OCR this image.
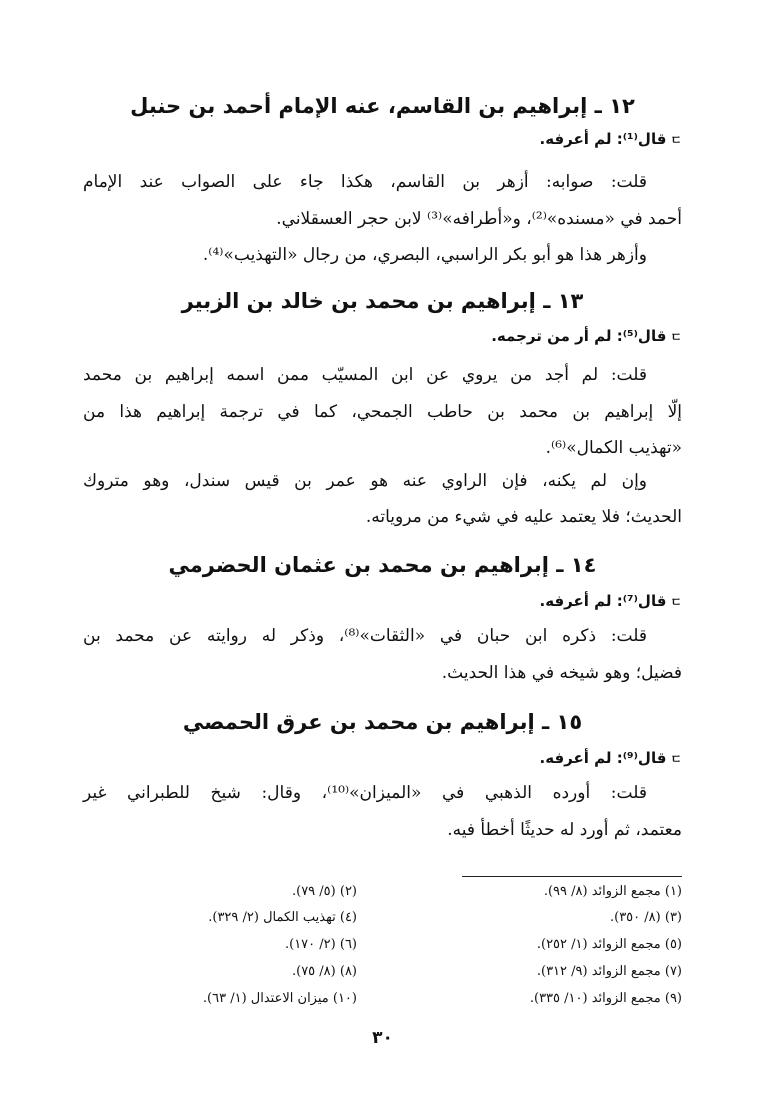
١٢ ـ إبراهيم بن القاسم، عنه الإمام أحمد بن حنبل
ㄷقال⁽¹⁾: لم أعرفه.
قلت: صوابه: أزهر بن القاسم، هكذا جاء على الصواب عند الإمام
أحمد في «مسنده»⁽²⁾، و«أطرافه»⁽³⁾ لابن حجر العسقلاني.
وأزهر هذا هو أبو بكر الراسبي، البصري، من رجال «التهذيب»⁽⁴⁾.
١٣ ـ إبراهيم بن محمد بن خالد بن الزبير
ㄷقال⁽⁵⁾: لم أر من ترجمه.
قلت: لم أجد من يروي عن ابن المسيّب ممن اسمه إبراهيم بن محمد
إلّا إبراهيم بن محمد بن حاطب الجمحي، كما في ترجمة إبراهيم هذا من
«تهذيب الكمال»⁽⁶⁾.
وإن لم يكنه، فإن الراوي عنه هو عمر بن قيس سندل، وهو متروك
الحديث؛ فلا يعتمد عليه في شيء من مروياته.
١٤ ـ إبراهيم بن محمد بن عثمان الحضرمي
ㄷقال⁽⁷⁾: لم أعرفه.
قلت: ذكره ابن حبان في «الثقات»⁽⁸⁾، وذكر له روايته عن محمد بن
فضيل؛ وهو شيخه في هذا الحديث.
١٥ ـ إبراهيم بن محمد بن عرق الحمصي
ㄷقال⁽⁹⁾: لم أعرفه.
قلت: أورده الذهبي في «الميزان»⁽¹⁰⁾، وقال: شيخ للطبراني غير
معتمد، ثم أورد له حديثًا أخطأ فيه.
(١) مجمع الزوائد (٨/ ٩٩).
(٢) (٥/ ٧٩).
(٣) (٨/ ٣٥٠).
(٤) تهذيب الكمال (٢/ ٣٢٩).
(٥) مجمع الزوائد (١/ ٢٥٢).
(٦) (٢/ ١٧٠).
(٧) مجمع الزوائد (٩/ ٣١٢).
(٨) (٨/ ٧٥).
(٩) مجمع الزوائد (١٠/ ٣٣٥).
(١٠) ميزان الاعتدال (١/ ٦٣).
٣٠
